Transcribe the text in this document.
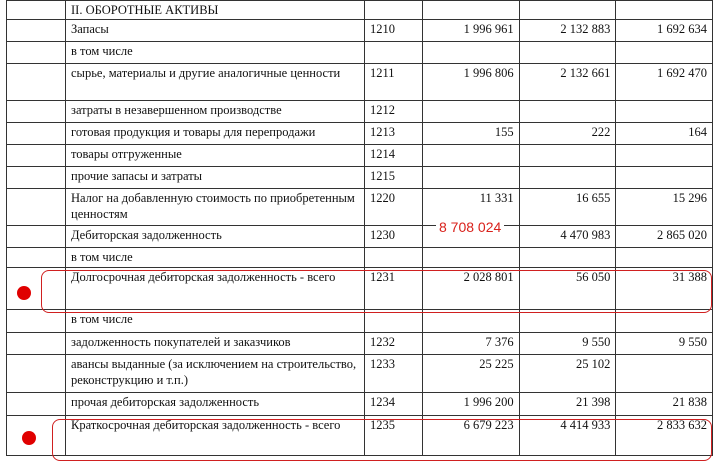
	II. ОБОРОТНЫЕ АКТИВЫ				
	Запасы	1210	1 996 961	2 132 883	1 692 634
	в том числе				
	сырье, материалы и другие аналогичные ценности	1211	1 996 806	2 132 661	1 692 470
	затраты в незавершенном производстве	1212			
	готовая продукция и товары для перепродажи	1213	155	222	164
	товары отгруженные	1214			
	прочие запасы и затраты	1215			
	Налог на добавленную стоимость по приобретенным ценностям	1220	11 331	16 655	15 296
	Дебиторская задолженность	1230		4 470 983	2 865 020
	в том числе				
	Долгосрочная дебиторская задолженность - всего	1231	2 028 801	56 050	31 388
	в том числе				
	задолженность покупателей и заказчиков	1232	7 376	9 550	9 550
	авансы выданные (за исключением на строительство, реконструкцию и т.п.)	1233	25 225	25 102	
	прочая дебиторская задолженность	1234	1 996 200	21 398	21 838
	Краткосрочная дебиторская задолженность - всего	1235	6 679 223	4 414 933	2 833 632
8 708 024
